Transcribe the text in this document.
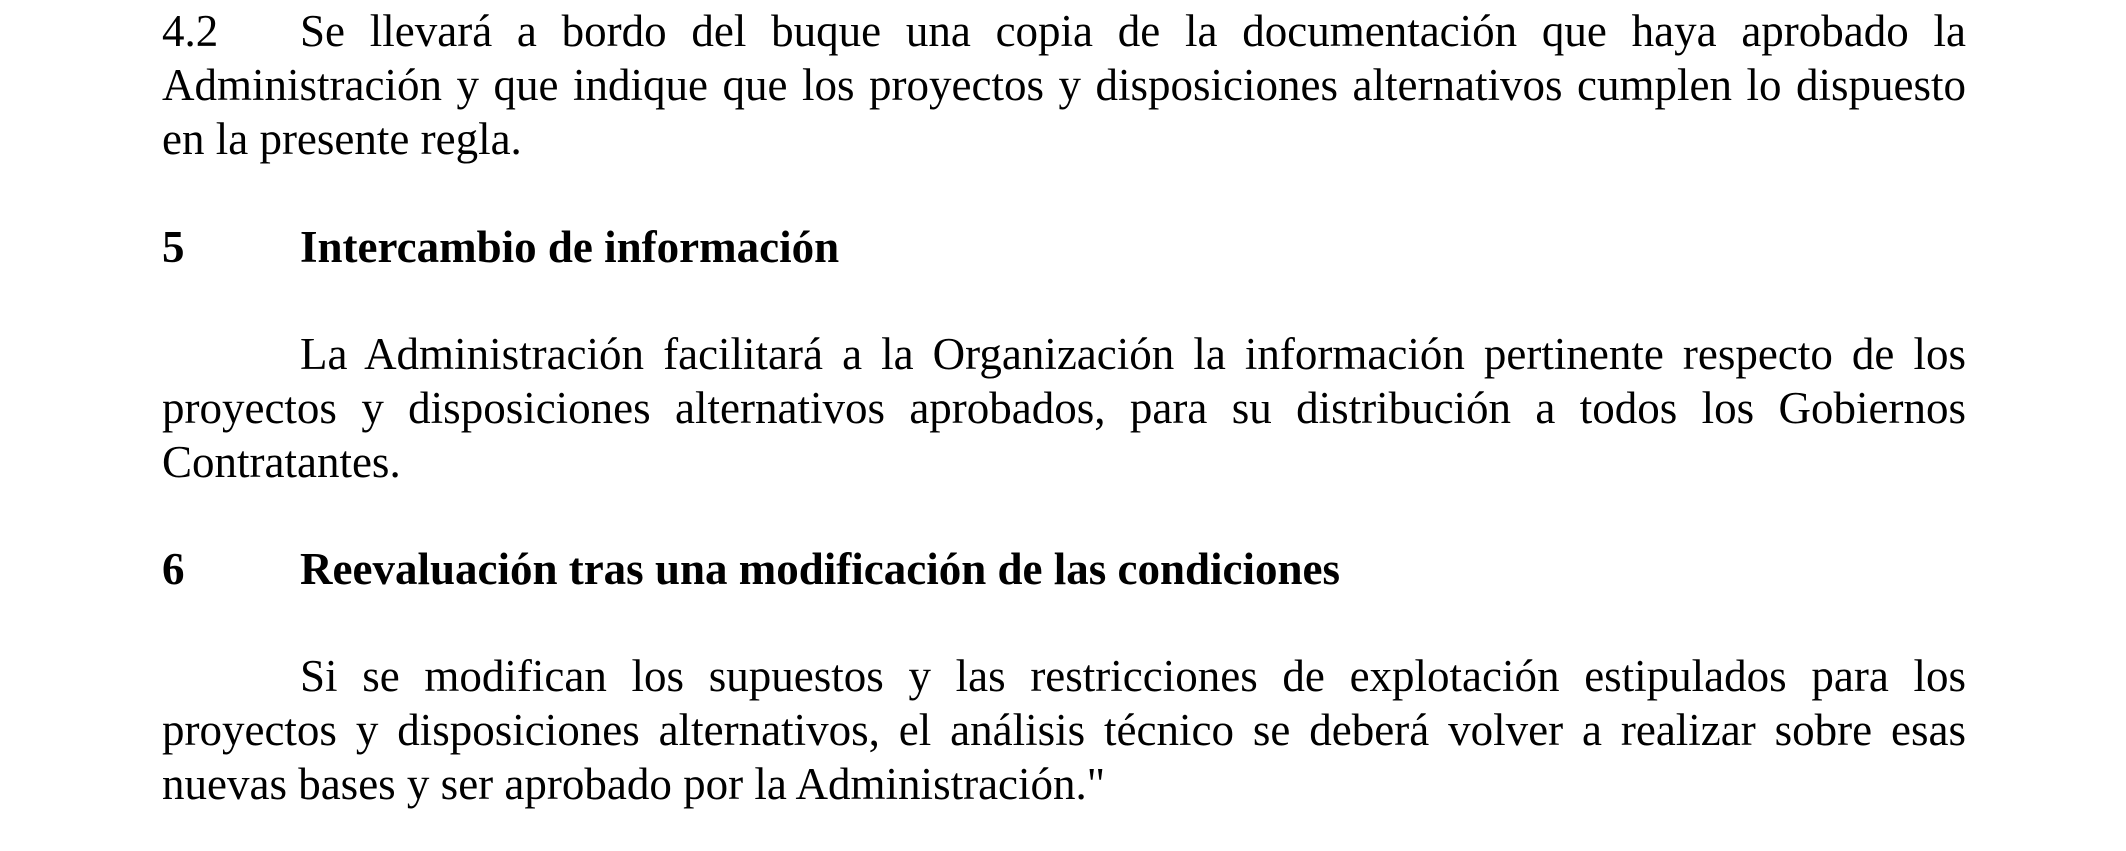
4.2 Se llevará a bordo del buque una copia de la documentación que haya aprobado la Administración y que indique que los proyectos y disposiciones alternativos cumplen lo dispuesto en la presente regla.

5	Intercambio de información

La Administración facilitará a la Organización la información pertinente respecto de los proyectos y disposiciones alternativos aprobados, para su distribución a todos los Gobiernos Contratantes.

6	Reevaluación tras una modificación de las condiciones

Si se modifican los supuestos y las restricciones de explotación estipulados para los proyectos y disposiciones alternativos, el análisis técnico se deberá volver a realizar sobre esas nuevas bases y ser aprobado por la Administración."
